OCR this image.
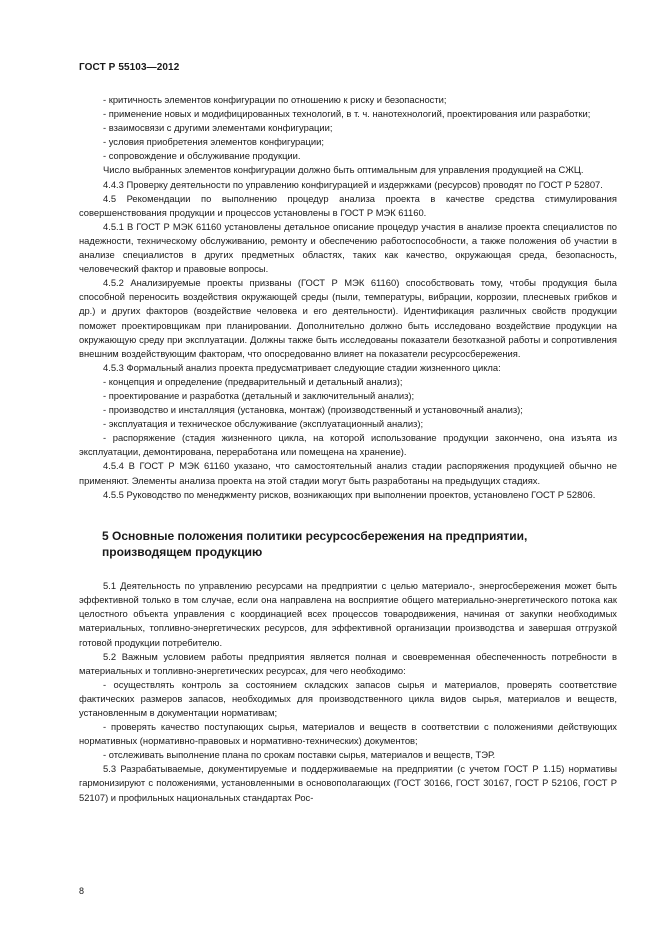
ГОСТ Р 55103—2012

- критичность элементов конфигурации по отношению к риску и безопасности;

- применение новых и модифицированных технологий, в т. ч. нанотехнологий, проектирования или разработки;

- взаимосвязи с другими элементами конфигурации;

- условия приобретения элементов конфигурации;

- сопровождение и обслуживание продукции.

Число выбранных элементов конфигурации должно быть оптимальным для управления продукцией на СЖЦ.

4.4.3 Проверку деятельности по управлению конфигурацией и издержками (ресурсов) проводят по ГОСТ Р 52807.

4.5 Рекомендации по выполнению процедур анализа проекта в качестве средства стимулирования совершенствования продукции и процессов установлены в ГОСТ Р МЭК 61160.

4.5.1 В ГОСТ Р МЭК 61160 установлены детальное описание процедур участия в анализе проекта специалистов по надежности, техническому обслуживанию, ремонту и обеспечению работоспособности, а также положения об участии в анализе специалистов в других предметных областях, таких как качество, окружающая среда, безопасность, человеческий фактор и правовые вопросы.

4.5.2 Анализируемые проекты призваны (ГОСТ Р МЭК 61160) способствовать тому, чтобы продукция была способной переносить воздействия окружающей среды (пыли, температуры, вибрации, коррозии, плесневых грибков и др.) и других факторов (воздействие человека и его деятельности). Идентификация различных свойств продукции поможет проектировщикам при планировании. Дополнительно должно быть исследовано воздействие продукции на окружающую среду при эксплуатации. Должны также быть исследованы показатели безотказной работы и сопротивления внешним воздействующим факторам, что опосредованно влияет на показатели ресурсосбережения.

4.5.3 Формальный анализ проекта предусматривает следующие стадии жизненного цикла:

- концепция и определение (предварительный и детальный анализ);

- проектирование и разработка (детальный и заключительный анализ);

- производство и инсталляция (установка, монтаж) (производственный и установочный анализ);

- эксплуатация и техническое обслуживание (эксплуатационный анализ);

- распоряжение (стадия жизненного цикла, на которой использование продукции закончено, она изъята из эксплуатации, демонтирована, переработана или помещена на хранение).

4.5.4 В ГОСТ Р МЭК 61160 указано, что самостоятельный анализ стадии распоряжения продукцией обычно не применяют. Элементы анализа проекта на этой стадии могут быть разработаны на предыдущих стадиях.

4.5.5 Руководство по менеджменту рисков, возникающих при выполнении проектов, установлено ГОСТ Р 52806.

5 Основные положения политики ресурсосбережения на предприятии, производящем продукцию

5.1 Деятельность по управлению ресурсами на предприятии с целью материало-, энергосбережения может быть эффективной только в том случае, если она направлена на восприятие общего материально-энергетического потока как целостного объекта управления с координацией всех процессов товародвижения, начиная от закупки необходимых материальных, топливно-энергетических ресурсов, для эффективной организации производства и завершая отгрузкой готовой продукции потребителю.

5.2 Важным условием работы предприятия является полная и своевременная обеспеченность потребности в материальных и топливно-энергетических ресурсах, для чего необходимо:

- осуществлять контроль за состоянием складских запасов сырья и материалов, проверять соответствие фактических размеров запасов, необходимых для производственного цикла видов сырья, материалов и веществ, установленным в документации нормативам;

- проверять качество поступающих сырья, материалов и веществ в соответствии с положениями действующих нормативных (нормативно-правовых и нормативно-технических) документов;

- отслеживать выполнение плана по срокам поставки сырья, материалов и веществ, ТЭР.

5.3 Разрабатываемые, документируемые и поддерживаемые на предприятии (с учетом ГОСТ Р 1.15) нормативы гармонизируют с положениями, установленными в основополагающих (ГОСТ 30166, ГОСТ 30167, ГОСТ Р 52106, ГОСТ Р 52107) и профильных национальных стандартах Рос-

8
